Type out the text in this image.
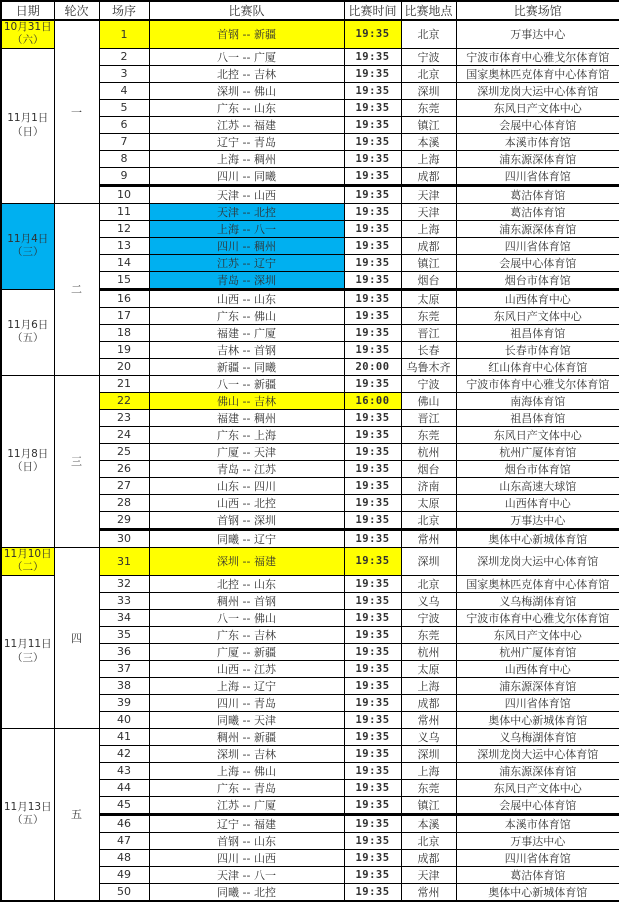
日期	轮次	场序	比赛队	比赛时间	比赛地点	比赛场馆

10月31日
（六）	一	1	首钢 -- 新疆	19:35	北京	万事达中心

11月1日
（日）		2	八一 -- 广厦	19:35	宁波	宁波市体育中心雅戈尔体育馆
		3	北控 -- 吉林	19:35	北京	国家奥林匹克体育中心体育馆
		4	深圳 -- 佛山	19:35	深圳	深圳龙岗大运中心体育馆
		5	广东 -- 山东	19:35	东莞	东风日产文体中心
		6	江苏 -- 福建	19:35	镇江	会展中心体育馆
		7	辽宁 -- 青岛	19:35	本溪	本溪市体育馆
		8	上海 -- 稠州	19:35	上海	浦东源深体育馆
		9	四川 -- 同曦	19:35	成都	四川省体育馆
		10	天津 -- 山西	19:35	天津	葛沽体育馆

11月4日
（三）	二	11	天津 -- 北控	19:35	天津	葛沽体育馆
		12	上海 -- 八一	19:35	上海	浦东源深体育馆
		13	四川 -- 稠州	19:35	成都	四川省体育馆
		14	江苏 -- 辽宁	19:35	镇江	会展中心体育馆
		15	青岛 -- 深圳	19:35	烟台	烟台市体育馆

11月6日
（五）		16	山西 -- 山东	19:35	太原	山西体育中心
		17	广东 -- 佛山	19:35	东莞	东风日产文体中心
		18	福建 -- 广厦	19:35	晋江	祖昌体育馆
		19	吉林 -- 首钢	19:35	长春	长春市体育馆
		20	新疆 -- 同曦	20:00	乌鲁木齐	红山体育中心体育馆

11月8日
（日）	三	21	八一 -- 新疆	19:35	宁波	宁波市体育中心雅戈尔体育馆
		22	佛山 -- 吉林	16:00	佛山	南海体育馆
		23	福建 -- 稠州	19:35	晋江	祖昌体育馆
		24	广东 -- 上海	19:35	东莞	东风日产文体中心
		25	广厦 -- 天津	19:35	杭州	杭州广厦体育馆
		26	青岛 -- 江苏	19:35	烟台	烟台市体育馆
		27	山东 -- 四川	19:35	济南	山东高速大球馆
		28	山西 -- 北控	19:35	太原	山西体育中心
		29	首钢 -- 深圳	19:35	北京	万事达中心
		30	同曦 -- 辽宁	19:35	常州	奥体中心新城体育馆

11月10日
（二）	四	31	深圳 -- 福建	19:35	深圳	深圳龙岗大运中心体育馆

11月11日
（三）		32	北控 -- 山东	19:35	北京	国家奥林匹克体育中心体育馆
		33	稠州 -- 首钢	19:35	义乌	义乌梅湖体育馆
		34	八一 -- 佛山	19:35	宁波	宁波市体育中心雅戈尔体育馆
		35	广东 -- 吉林	19:35	东莞	东风日产文体中心
		36	广厦 -- 新疆	19:35	杭州	杭州广厦体育馆
		37	山西 -- 江苏	19:35	太原	山西体育中心
		38	上海 -- 辽宁	19:35	上海	浦东源深体育馆
		39	四川 -- 青岛	19:35	成都	四川省体育馆
		40	同曦 -- 天津	19:35	常州	奥体中心新城体育馆

11月13日
（五）	五	41	稠州 -- 新疆	19:35	义乌	义乌梅湖体育馆
		42	深圳 -- 吉林	19:35	深圳	深圳龙岗大运中心体育馆
		43	上海 -- 佛山	19:35	上海	浦东源深体育馆
		44	广东 -- 青岛	19:35	东莞	东风日产文体中心
		45	江苏 -- 广厦	19:35	镇江	会展中心体育馆
		46	辽宁 -- 福建	19:35	本溪	本溪市体育馆
		47	首钢 -- 山东	19:35	北京	万事达中心
		48	四川 -- 山西	19:35	成都	四川省体育馆
		49	天津 -- 八一	19:35	天津	葛沽体育馆
		50	同曦 -- 北控	19:35	常州	奥体中心新城体育馆
